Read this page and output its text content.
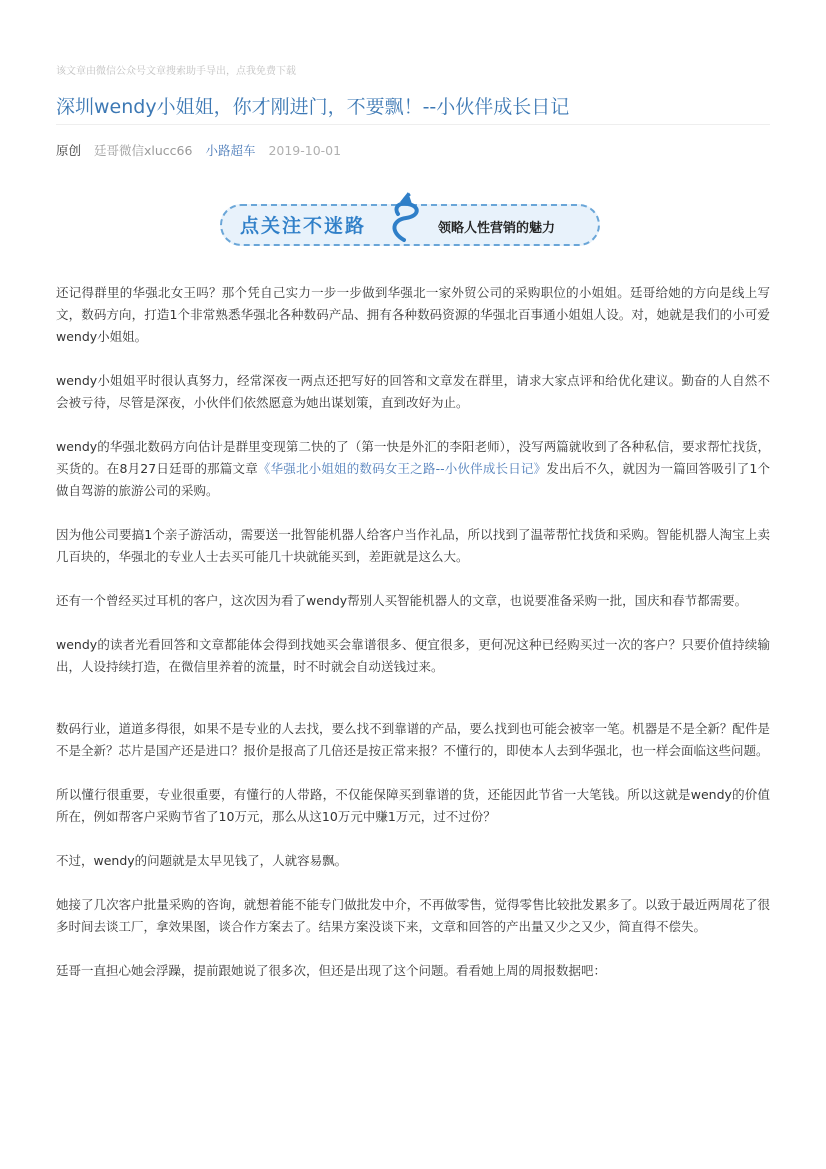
该文章由微信公众号文章搜索助手导出，点我免费下载
深圳wendy小姐姐，你才刚进门，不要飘！--小伙伴成长日记
原创 廷哥微信xlucc66 小路超车 2019-10-01
点关注不迷路	领略人性营销的魅力

还记得群里的华强北女王吗？那个凭自己实力一步一步做到华强北一家外贸公司的采购职位的小姐姐。廷哥给她的方向是线上写文，数码方向，打造1个非常熟悉华强北各种数码产品、拥有各种数码资源的华强北百事通小姐姐人设。对，她就是我们的小可爱wendy小姐姐。

wendy小姐姐平时很认真努力，经常深夜一两点还把写好的回答和文章发在群里，请求大家点评和给优化建议。勤奋的人自然不会被亏待，尽管是深夜，小伙伴们依然愿意为她出谋划策，直到改好为止。

wendy的华强北数码方向估计是群里变现第二快的了（第一快是外汇的李阳老师），没写两篇就收到了各种私信，要求帮忙找货，买货的。在8月27日廷哥的那篇文章《华强北小姐姐的数码女王之路--小伙伴成长日记》发出后不久，就因为一篇回答吸引了1个做自驾游的旅游公司的采购。

因为他公司要搞1个亲子游活动，需要送一批智能机器人给客户当作礼品，所以找到了温蒂帮忙找货和采购。智能机器人淘宝上卖几百块的，华强北的专业人士去买可能几十块就能买到，差距就是这么大。

还有一个曾经买过耳机的客户，这次因为看了wendy帮别人买智能机器人的文章，也说要准备采购一批，国庆和春节都需要。

wendy的读者光看回答和文章都能体会得到找她买会靠谱很多、便宜很多，更何况这种已经购买过一次的客户？只要价值持续输出，人设持续打造，在微信里养着的流量，时不时就会自动送钱过来。

数码行业，道道多得很，如果不是专业的人去找，要么找不到靠谱的产品，要么找到也可能会被宰一笔。机器是不是全新？配件是不是全新？芯片是国产还是进口？报价是报高了几倍还是按正常来报？不懂行的，即使本人去到华强北，也一样会面临这些问题。

所以懂行很重要，专业很重要，有懂行的人带路，不仅能保障买到靠谱的货，还能因此节省一大笔钱。所以这就是wendy的价值所在，例如帮客户采购节省了10万元，那么从这10万元中赚1万元，过不过份？

不过，wendy的问题就是太早见钱了，人就容易飘。

她接了几次客户批量采购的咨询，就想着能不能专门做批发中介，不再做零售，觉得零售比较批发累多了。以致于最近两周花了很多时间去谈工厂，拿效果图，谈合作方案去了。结果方案没谈下来，文章和回答的产出量又少之又少，简直得不偿失。

廷哥一直担心她会浮躁，提前跟她说了很多次，但还是出现了这个问题。看看她上周的周报数据吧：
